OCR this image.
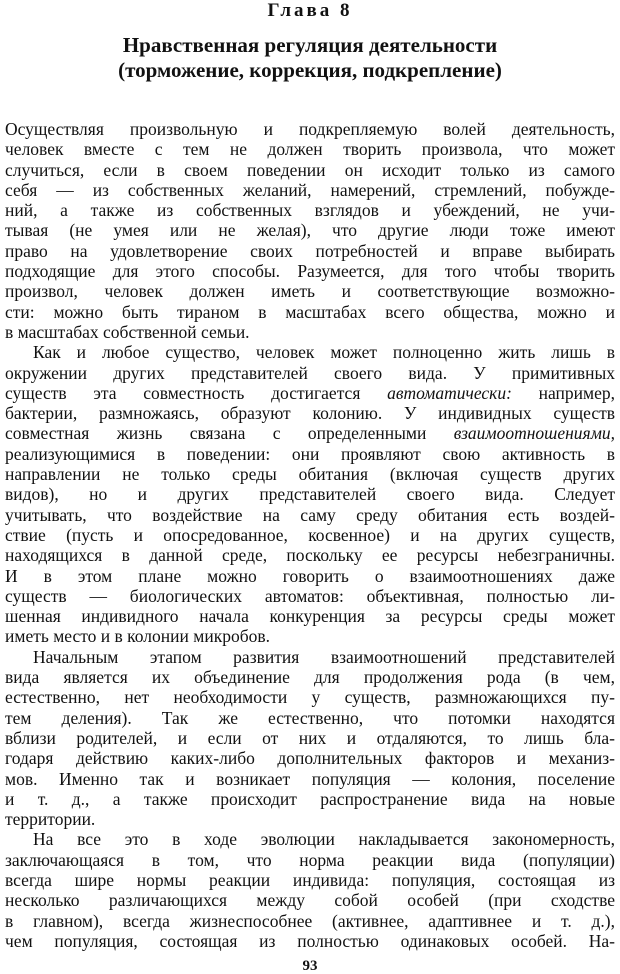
Глава 8
Нравственная регуляция деятельности
(торможение, коррекция, подкрепление)
Осуществляя произвольную и подкрепляемую волей деятельность,
человек вместе с тем не должен творить произвола, что может
случиться, если в своем поведении он исходит только из самого
себя — из собственных желаний, намерений, стремлений, побужде-
ний, а также из собственных взглядов и убеждений, не учи-
тывая (не умея или не желая), что другие люди тоже имеют
право на удовлетворение своих потребностей и вправе выбирать
подходящие для этого способы. Разумеется, для того чтобы творить
произвол, человек должен иметь и соответствующие возможно-
сти: можно быть тираном в масштабах всего общества, можно и
в масштабах собственной семьи.
Как и любое существо, человек может полноценно жить лишь в
окружении других представителей своего вида. У примитивных
существ эта совместность достигается автоматически: например,
бактерии, размножаясь, образуют колонию. У индивидных существ
совместная жизнь связана с определенными взаимоотношениями,
реализующимися в поведении: они проявляют свою активность в
направлении не только среды обитания (включая существ других
видов), но и других представителей своего вида. Следует
учитывать, что воздействие на саму среду обитания есть воздей-
ствие (пусть и опосредованное, косвенное) и на других существ,
находящихся в данной среде, поскольку ее ресурсы небезграничны.
И в этом плане можно говорить о взаимоотношениях даже
существ — биологических автоматов: объективная, полностью ли-
шенная индивидного начала конкуренция за ресурсы среды может
иметь место и в колонии микробов.
Начальным этапом развития взаимоотношений представителей
вида является их объединение для продолжения рода (в чем,
естественно, нет необходимости у существ, размножающихся пу-
тем деления). Так же естественно, что потомки находятся
вблизи родителей, и если от них и отдаляются, то лишь бла-
годаря действию каких-либо дополнительных факторов и механиз-
мов. Именно так и возникает популяция — колония, поселение
и т. д., а также происходит распространение вида на новые
территории.
На все это в ходе эволюции накладывается закономерность,
заключающаяся в том, что норма реакции вида (популяции)
всегда шире нормы реакции индивида: популяция, состоящая из
несколько различающихся между собой особей (при сходстве
в главном), всегда жизнеспособнее (активнее, адаптивнее и т. д.),
чем популяция, состоящая из полностью одинаковых особей. На-
93
